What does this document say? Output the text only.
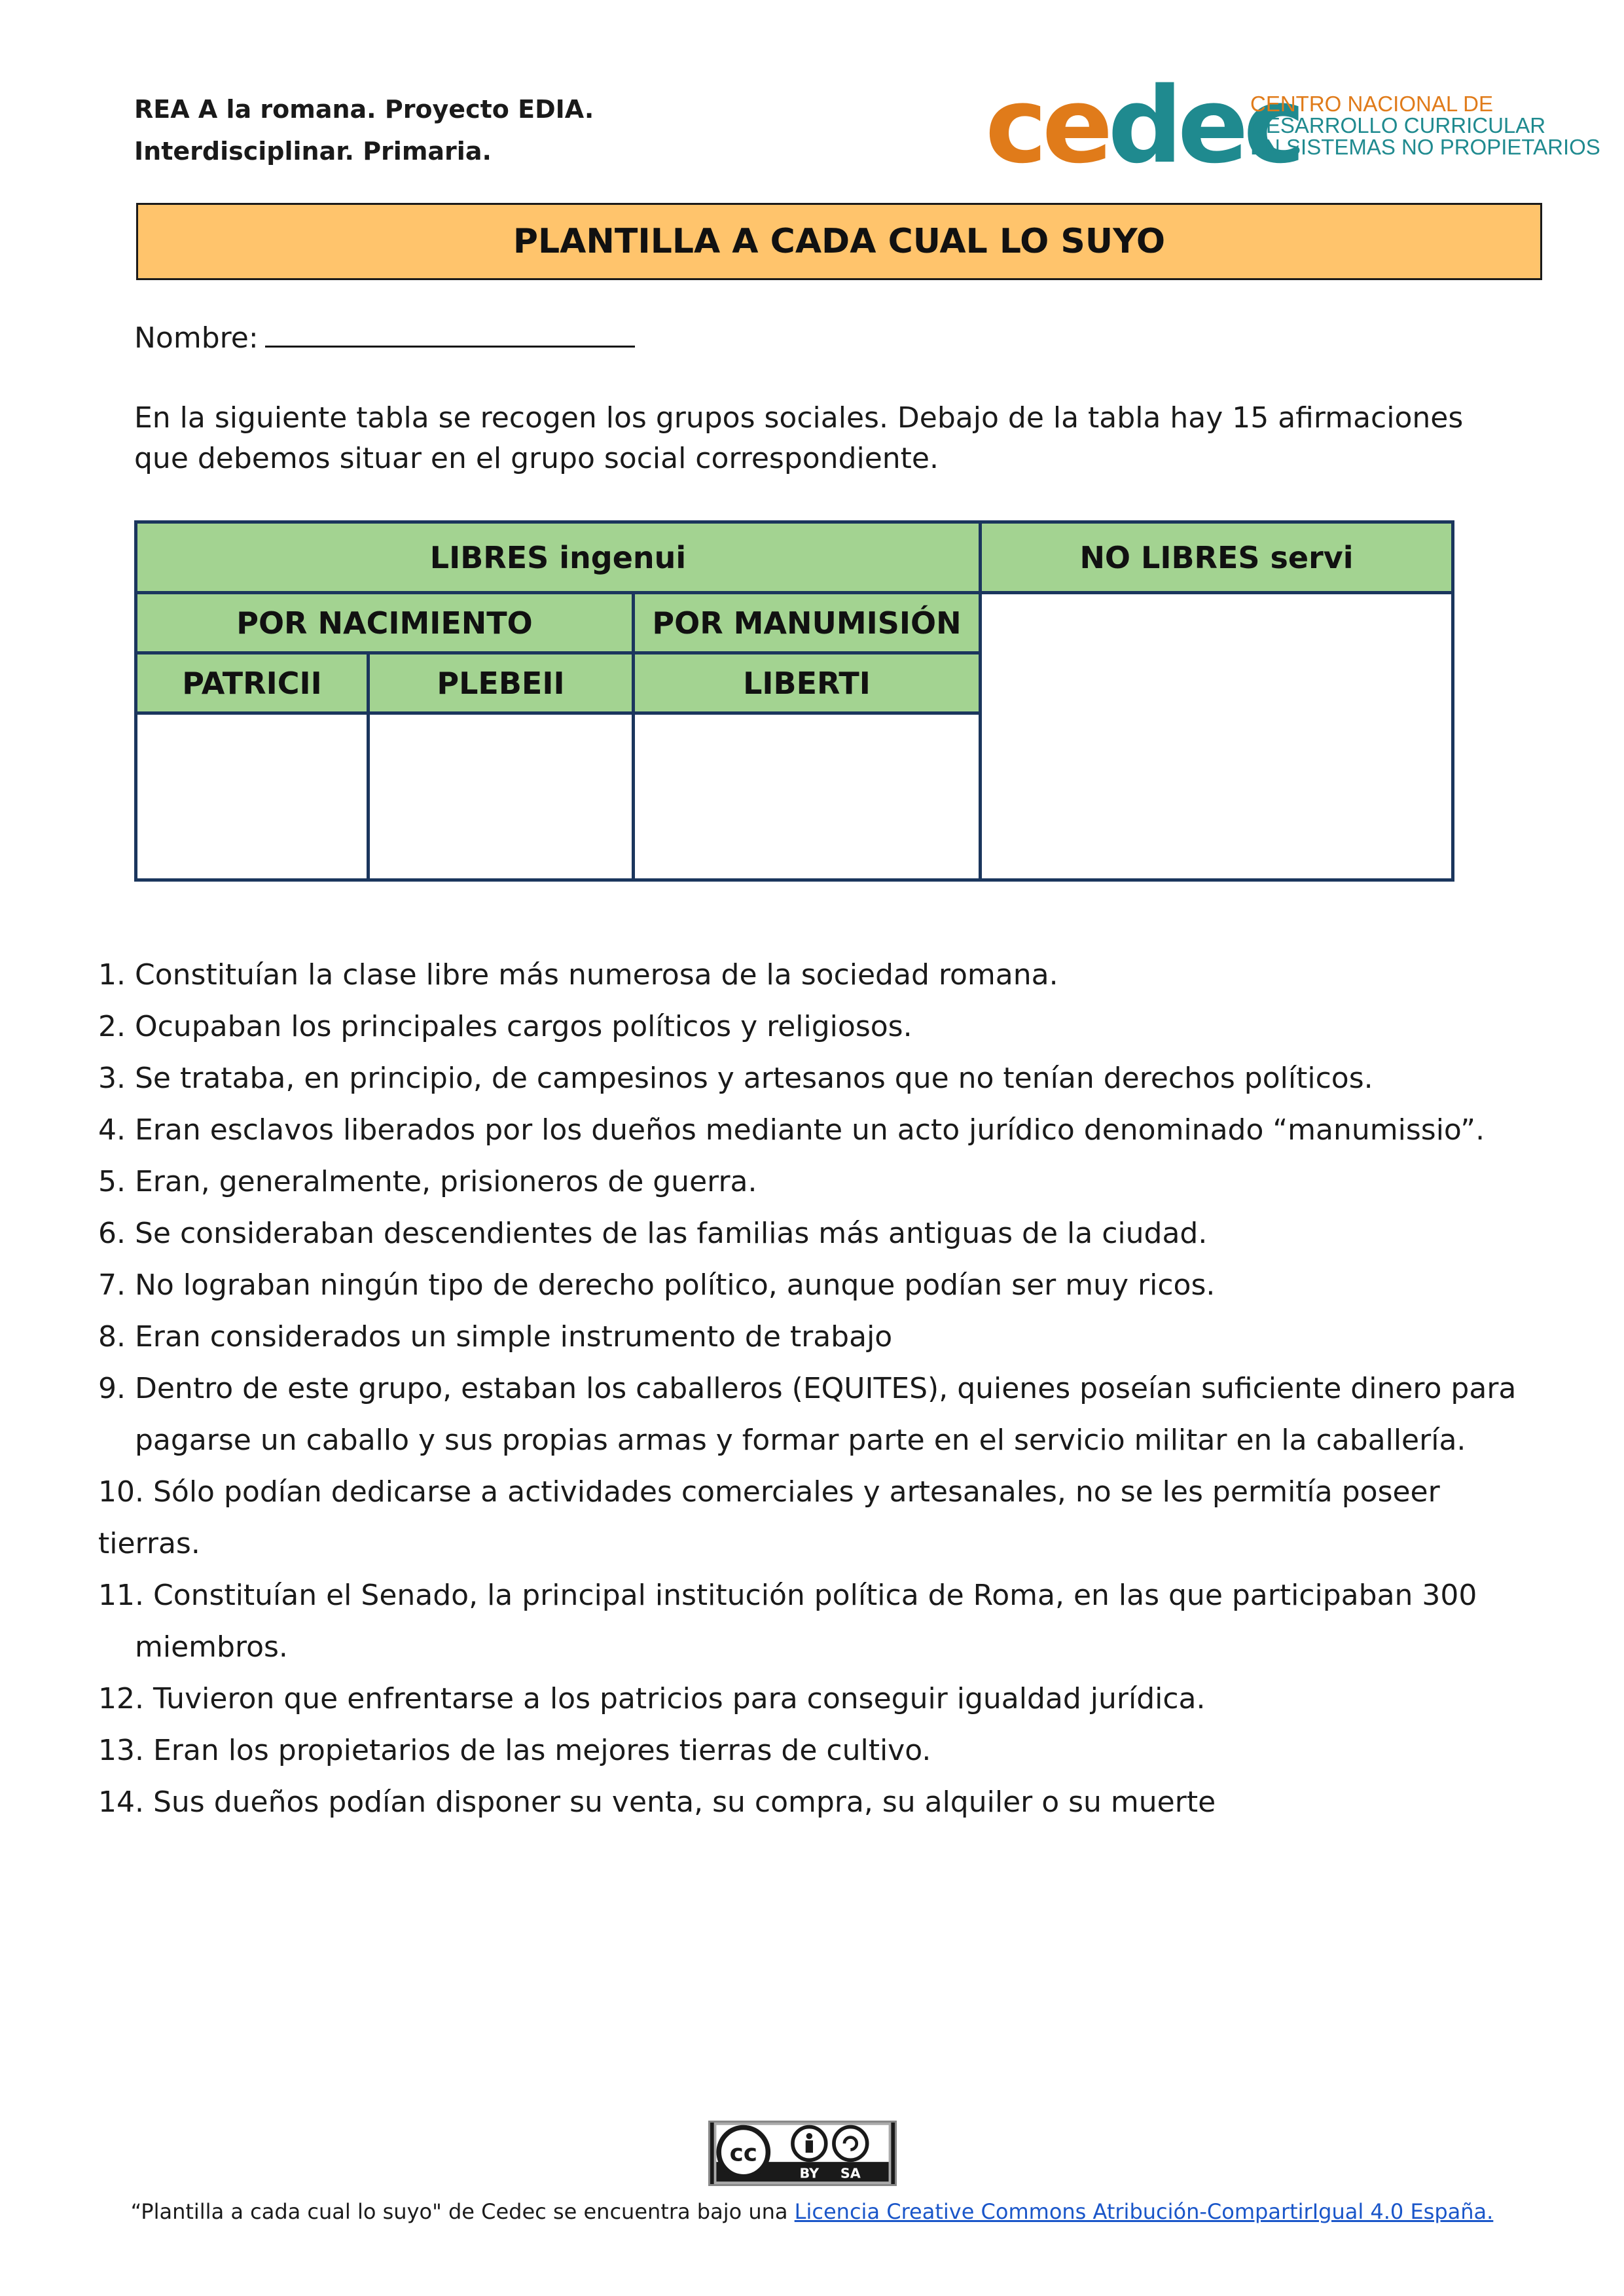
REA A la romana. Proyecto EDIA.
Interdisciplinar. Primaria.	cedec
CENTRO NACIONAL DE
DESARROLLO CURRICULAR
EN SISTEMAS NO PROPIETARIOS
PLANTILLA A CADA CUAL LO SUYO
Nombre:
En la siguiente tabla se recogen los grupos sociales. Debajo de la tabla hay 15 afirmaciones que debemos situar en el grupo social correspondiente.
LIBRES ingenui			NO LIBRES servi
POR NACIMIENTO		POR MANUMISIÓN	
PATRICII	PLEBEII	LIBERTI	

1. Constituían la clase libre más numerosa de la sociedad romana.
2. Ocupaban los principales cargos políticos y religiosos.
3. Se trataba, en principio, de campesinos y artesanos que no tenían derechos políticos.
4. Eran esclavos liberados por los dueños mediante un acto jurídico denominado “manumissio”.
5. Eran, generalmente, prisioneros de guerra.
6. Se consideraban descendientes de las familias más antiguas de la ciudad.
7. No lograban ningún tipo de derecho político, aunque podían ser muy ricos.
8. Eran considerados un simple instrumento de trabajo
9. Dentro de este grupo, estaban los caballeros (EQUITES), quienes poseían suficiente dinero para
pagarse un caballo y sus propias armas y formar parte en el servicio militar en la caballería.
10. Sólo podían dedicarse a actividades comerciales y artesanales, no se les permitía poseer tierras.
11. Constituían el Senado, la principal institución política de Roma, en las que participaban 300
miembros.
12. Tuvieron que enfrentarse a los patricios para conseguir igualdad jurídica.
13. Eran los propietarios de las mejores tierras de cultivo.
14. Sus dueños podían disponer su venta, su compra, su alquiler o su muerte
cc
BY SA
“Plantilla a cada cual lo suyo" de Cedec se encuentra bajo una Licencia Creative Commons Atribución-CompartirIgual 4.0 España.
